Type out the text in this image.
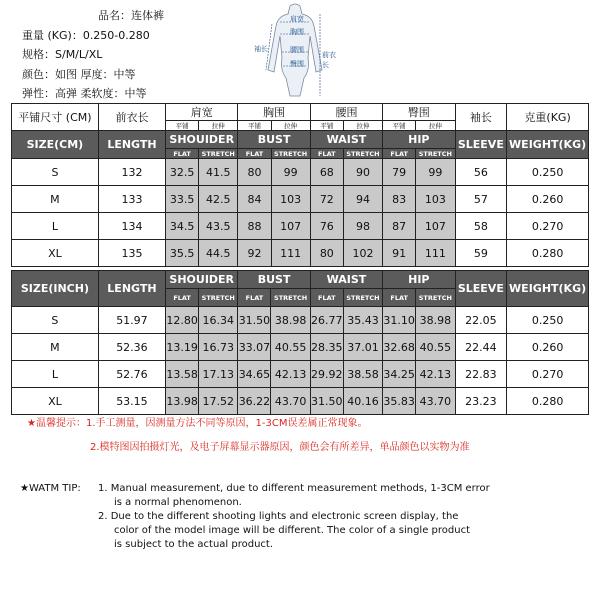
品名：连体裤
重量 (KG)：0.250-0.280
规格：S/M/L/XL
颜色：如图 厚度：中等
弹性：高弹 柔软度：中等
肩宽
胸围
腰围
臀围
袖长
前衣长
平铺尺寸 (CM)	前衣长	肩宽		胸围		腰围		臀围		袖长	克重(KG)
		平铺	拉伸	平铺	拉伸	平铺	拉伸	平铺	拉伸		
SIZE(CM)	LENGTH	SHOUIDER		BUST		WAIST		HIP		SLEEVE	WEIGHT(KG)
		FLAT	STRETCH	FLAT	STRETCH	FLAT	STRETCH	FLAT	STRETCH		
S	132	32.5	41.5	80	99	68	90	79	99	56	0.250
M	133	33.5	42.5	84	103	72	94	83	103	57	0.260
L	134	34.5	43.5	88	107	76	98	87	107	58	0.270
XL	135	35.5	44.5	92	111	80	102	91	111	59	0.280
SIZE(INCH)	LENGTH	SHOUIDER		BUST		WAIST		HIP		SLEEVE	WEIGHT(KG)
		FLAT	STRETCH	FLAT	STRETCH	FLAT	STRETCH	FLAT	STRETCH		
S	51.97	12.80	16.34	31.50	38.98	26.77	35.43	31.10	38.98	22.05	0.250
M	52.36	13.19	16.73	33.07	40.55	28.35	37.01	32.68	40.55	22.44	0.260
L	52.76	13.58	17.13	34.65	42.13	29.92	38.58	34.25	42.13	22.83	0.270
XL	53.15	13.98	17.52	36.22	43.70	31.50	40.16	35.83	43.70	23.23	0.280
★温馨提示：1.手工测量，因测量方法不同等原因，1-3CM误差属正常现象。
2.模特图因拍摄灯光，及电子屏幕显示器原因，颜色会有所差异，单品颜色以实物为准
★WATM TIP: 1. Manual measurement, due to different measurement methods, 1-3CM error
is a normal phenomenon.
2. Due to the different shooting lights and electronic screen display, the
color of the model image will be different. The color of a single product
is subject to the actual product.
